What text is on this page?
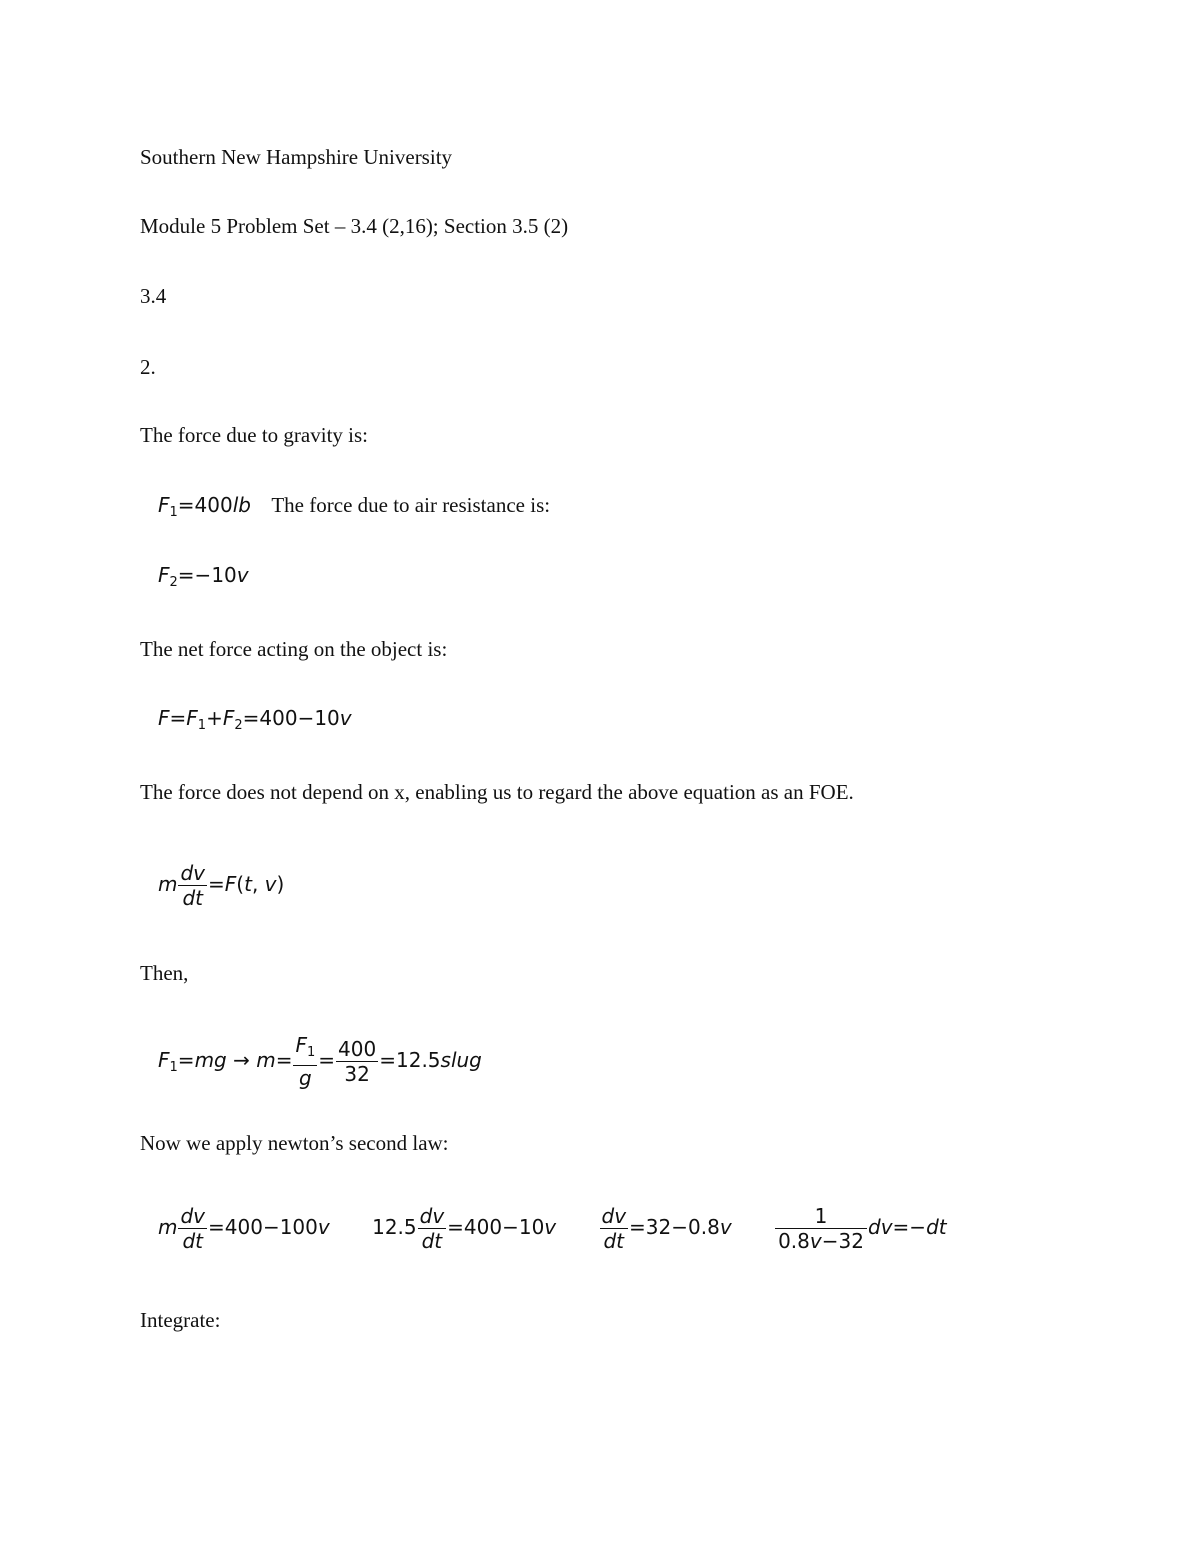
Southern New Hampshire University
Module 5 Problem Set – 3.4 (2,16); Section 3.5 (2)
3.4
2.
The force due to gravity is:
$F_1=400lb$ The force due to air resistance is:
$F_2=-10v$
The net force acting on the object is:
$F=F_1+F_2=400-10v$
The force does not depend on x, enabling us to regard the above equation as an FOE.
m $\frac{dv}{dt} =F(t$, v)
Then,
$F_1=mg \to m= \frac{F_1}{g} = \frac{400}{32}$ =12.5slug
Now we apply newton’s second law:
m $\frac{dv}{dt} =400-100v$ $12.5 \frac{dv}{dt} =400-10v \frac{dv}{dt} =32-0.8v \frac{1}{0.8v-32} dv=-dt$
Integrate:
